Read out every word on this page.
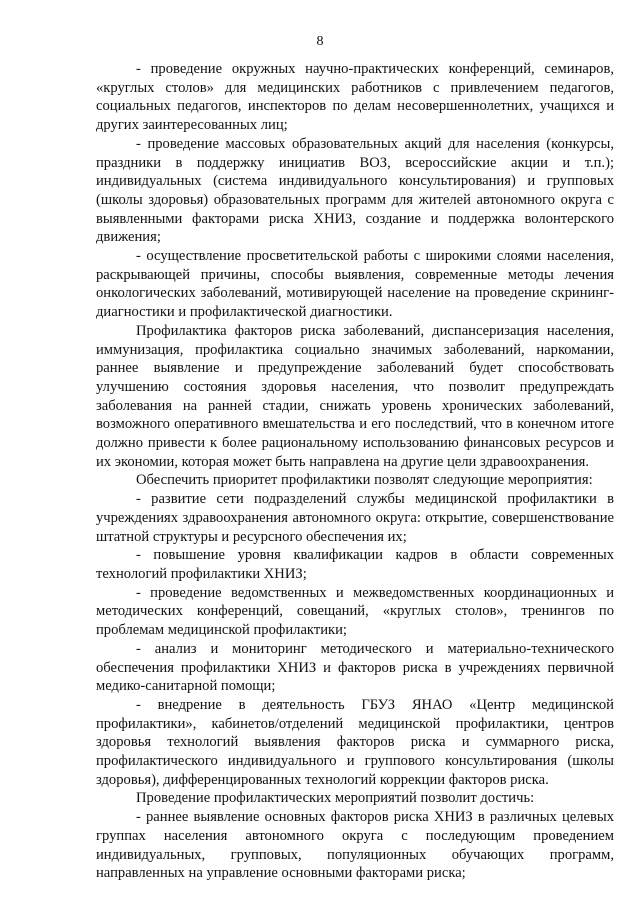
8

- проведение окружных научно-практических конференций, семинаров, «круглых столов» для медицинских работников с привлечением педагогов, социальных педагогов, инспекторов по делам несовершеннолетних, учащихся и других заинтересованных лиц;

- проведение массовых образовательных акций для населения (конкурсы, праздники в поддержку инициатив ВОЗ, всероссийские акции и т.п.); индивидуальных (система индивидуального консультирования) и групповых (школы здоровья) образовательных программ для жителей автономного округа с выявленными факторами риска ХНИЗ, создание и поддержка волонтерского движения;

- осуществление просветительской работы с широкими слоями населения, раскрывающей причины, способы выявления, современные методы лечения онкологических заболеваний, мотивирующей население на проведение скрининг-диагностики и профилактической диагностики.

Профилактика факторов риска заболеваний, диспансеризация населения, иммунизация, профилактика социально значимых заболеваний, наркомании, раннее выявление и предупреждение заболеваний будет способствовать улучшению состояния здоровья населения, что позволит предупреждать заболевания на ранней стадии, снижать уровень хронических заболеваний, возможного оперативного вмешательства и его последствий, что в конечном итоге должно привести к более рациональному использованию финансовых ресурсов и их экономии, которая может быть направлена на другие цели здравоохранения.

Обеспечить приоритет профилактики позволят следующие мероприятия:

- развитие сети подразделений службы медицинской профилактики в учреждениях здравоохранения автономного округа: открытие, совершенствование штатной структуры и ресурсного обеспечения их;

- повышение уровня квалификации кадров в области современных технологий профилактики ХНИЗ;

- проведение ведомственных и межведомственных координационных и методических конференций, совещаний, «круглых столов», тренингов по проблемам медицинской профилактики;

- анализ и мониторинг методического и материально-технического обеспечения профилактики ХНИЗ и факторов риска в учреждениях первичной медико-санитарной помощи;

- внедрение в деятельность ГБУЗ ЯНАО «Центр медицинской профилактики», кабинетов/отделений медицинской профилактики, центров здоровья технологий выявления факторов риска и суммарного риска, профилактического индивидуального и группового консультирования (школы здоровья), дифференцированных технологий коррекции факторов риска.

Проведение профилактических мероприятий позволит достичь:

- раннее выявление основных факторов риска ХНИЗ в различных целевых группах населения автономного округа с последующим проведением индивидуальных, групповых, популяционных обучающих программ, направленных на управление основными факторами риска;
